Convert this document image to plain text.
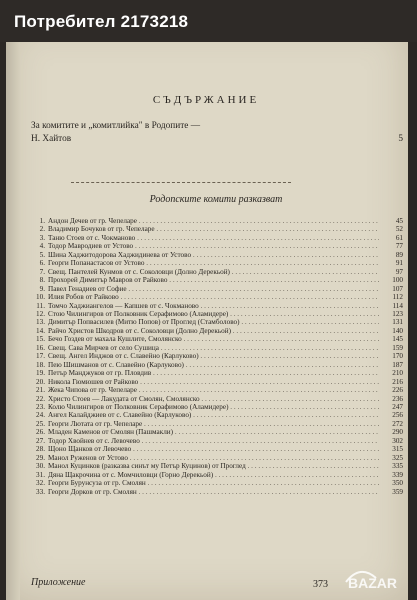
Потребител 2173218
СЪДЪРЖАНИЕ
За комитите и „комитлийка" в Родопите —
Н. Хайтов	5
Родопските комити разказват
1. Андон Дечев от гр. Чепеларе . . .	45
2. Владимир Бочуков от гр. Чепеларе . . .	52
3. Таню Стоев от с. Чокманово . . .	61
4. Тодор Мавродиев от Устово . . .	77
5. Шина Хаджитодорова Хаджидинева от Устово . . .	89
6. Георги Попанастасов от Устово . . .	91
7. Свещ. Пантелей Кунмов от с. Соколовци (Долно Дерекьой) . . .	97
8. Прохорей Димитър Мавров от Райково . . .	100
9. Павел Генадиев от Софие . . .	107
10. Илия Робов от Райково . . .	112
11. Томчо Хаджиангелов — Капшев от с. Чокманово . . .	114
12. Стою Чилингиров от Полковник Серафимово (Аламидере) . . .	123
13. Димитър Попвасилев (Митю Попов) от Проглед (Стамболово) . . .	131
14. Райчо Христов Шкодров от с. Соколовци (Долно Дерекьой) . . .	140
15. Бечо Гоздев от махала Кушлите, Смолянско . . .	145
16. Свещ. Сава Мирчев от село Сушица . . .	159
17. Свещ. Ангел Инджов от с. Славейно (Карлуково) . . .	170
18. Пею Шишманов от с. Славейно (Карлуково) . . .	187
19. Петър Манджуков от гр. Пловдив . . .	210
20. Никола Гюмюшев от Райково . . .	216
21. Жека Чипова от гр. Чепеларе . . .	226
22. Христо Стоев — Лакудата от Смолян, Смолянско . . .	236
23. Колю Чилингиров от Полковник Серафимово (Аламидере) . . .	247
24. Ангел Калайджиев от с. Славейно (Карлуково) . . .	256
25. Георги Лютата от гр. Чепеларе . . .	272
26. Младен Каменов от Смолян (Пашмакли) . . .	290
27. Тодор Хвойнев от с. Левочево . . .	302
28. Щонo Щанков от Левочево . . .	315
29. Манол Руженов от Устово . . .	325
30. Манол Куцинков (разказва синът му Петър Куцинов) от Проглед . . .	335
31. Дяна Щакрочина от с. Момчиловци (Горно Дерекьой) . . .	339
32. Георги Бурунсуза от гр. Смолян . . .	350
33. Георги Дорков от гр. Смолян . . .	359
Приложение	373 BAZAR
